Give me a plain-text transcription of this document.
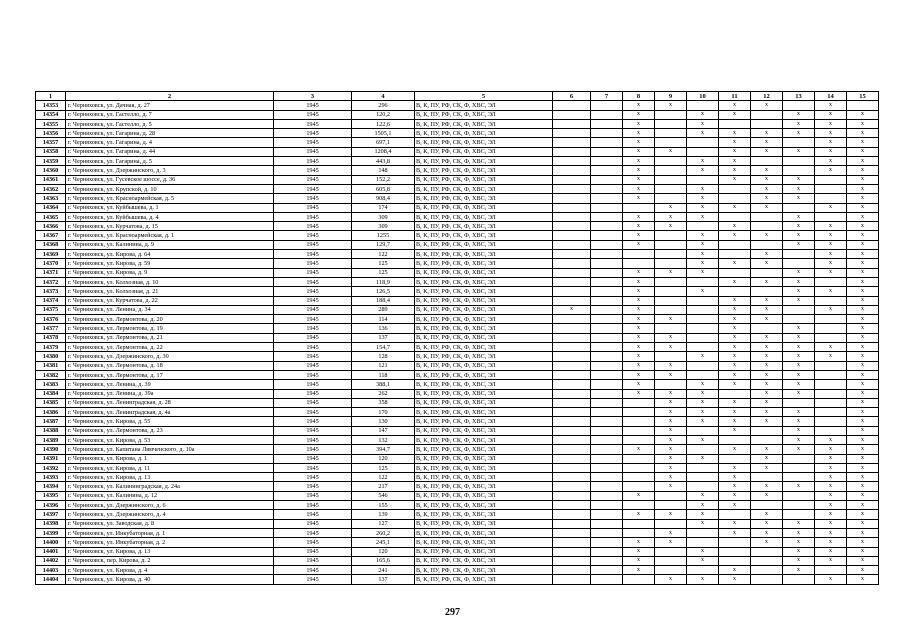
1	2	3	4	5	6	7	8	9	10	11	12	13	14	15
14353	г. Черняховск, ул. Дачная, д. 27	1945	296	В, К, ПУ, РФ, СК, Ф, ХВС, ЭЛ			x	x		x	x		x	
14354	г. Черняховск, ул. Гастелло, д. 7	1945	120,2	В, К, ПУ, РФ, СК, Ф, ХВС, ЭЛ			x		x	x		x	x	x
14355	г. Черняховск, ул. Гастелло, д. 5	1945	122,6	В, К, ПУ, РФ, СК, Ф, ХВС, ЭЛ			x		x			x	x	x
14356	г. Черняховск, ул. Гагарина, д. 28	1945	1505,1	В, К, ПУ, РФ, СК, Ф, ХВС, ЭЛ			x		x	x	x	x	x	x
14357	г. Черняховск, ул. Гагарина, д. 4	1945	697,1	В, К, ПУ, РФ, СК, Ф, ХВС, ЭЛ			x			x	x		x	x
14358	г. Черняховск, ул. Гагарина, д. 44	1945	1208,4	В, К, ПУ, РФ, СК, Ф, ХВС, ЭЛ			x	x		x	x	x	x	x
14359	г. Черняховск, ул. Гагарина, д. 5	1945	443,8	В, К, ПУ, РФ, СК, Ф, ХВС, ЭЛ			x		x	x			x	x
14360	г. Черняховск, ул. Дзержинского, д. 3	1945	148	В, К, ПУ, РФ, СК, Ф, ХВС, ЭЛ			x		x	x	x		x	x
14361	г. Черняховск, ул. Гусевское шоссе, д. 36	1945	152,2	В, К, ПУ, РФ, СК, Ф, ХВС, ЭЛ			x			x	x	x		x
14362	г. Черняховск, ул. Крупской, д. 10	1945	605,8	В, К, ПУ, РФ, СК, Ф, ХВС, ЭЛ			x		x		x	x		x
14363	г. Черняховск, ул. Красноармейская, д. 5	1945	908,4	В, К, ПУ, РФ, СК, Ф, ХВС, ЭЛ			x		x		x	x		x
14364	г. Черняховск, ул. Куйбышева, д. 1	1945	174	В, К, ПУ, РФ, СК, Ф, ХВС, ЭЛ				x	x	x	x		x	x
14365	г. Черняховск, ул. Куйбышева, д. 4	1945	309	В, К, ПУ, РФ, СК, Ф, ХВС, ЭЛ			x	x	x			x		x
14366	г. Черняховск, ул. Курчатова, д. 15	1945	309	В, К, ПУ, РФ, СК, Ф, ХВС, ЭЛ			x	x		x		x	x	x
14367	г. Черняховск, ул. Красноармейская, д. 1	1945	1255	В, К, ПУ, РФ, СК, Ф, ХВС, ЭЛ			x		x	x	x	x	x	x
14368	г. Черняховск, ул. Калинина, д. 9	1945	129,7	В, К, ПУ, РФ, СК, Ф, ХВС, ЭЛ			x		x			x	x	x
14369	г. Черняховск, ул. Кирова, д. 64	1945	122	В, К, ПУ, РФ, СК, Ф, ХВС, ЭЛ					x		x		x	x
14370	г. Черняховск, ул. Кирова, д. 59	1945	125	В, К, ПУ, РФ, СК, Ф, ХВС, ЭЛ					x	x	x		x	x
14371	г. Черняховск, ул. Кирова, д. 9	1945	125	В, К, ПУ, РФ, СК, Ф, ХВС, ЭЛ			x	x	x			x	x	x
14372	г. Черняховск, ул. Колхозная, д. 10	1945	118,9	В, К, ПУ, РФ, СК, Ф, ХВС, ЭЛ			x			x	x	x		x
14373	г. Черняховск, ул. Колхозная, д. 21	1945	126,5	В, К, ПУ, РФ, СК, Ф, ХВС, ЭЛ			x		x			x	x	x
14374	г. Черняховск, ул. Курчатова, д. 22	1945	188,4	В, К, ПУ, РФ, СК, Ф, ХВС, ЭЛ			x			x	x	x		x
14375	г. Черняховск, ул. Ленина, д. 34	1945	289	В, К, ПУ, РФ, СК, Ф, ХВС, ЭЛ	x		x			x	x		x	x
14376	г. Черняховск, ул. Лермонтова, д. 20	1945	114	В, К, ПУ, РФ, СК, Ф, ХВС, ЭЛ			x	x		x	x			x
14377	г. Черняховск, ул. Лермонтова, д. 19	1945	136	В, К, ПУ, РФ, СК, Ф, ХВС, ЭЛ			x			x		x		x
14378	г. Черняховск, ул. Лермонтова, д. 21	1945	137	В, К, ПУ, РФ, СК, Ф, ХВС, ЭЛ			x	x		x	x	x		x
14379	г. Черняховск, ул. Лермонтова, д. 22	1945	154,7	В, К, ПУ, РФ, СК, Ф, ХВС, ЭЛ			x	x		x	x	x	x	x
14380	г. Черняховск, ул. Дзержинского, д. 30	1945	128	В, К, ПУ, РФ, СК, Ф, ХВС, ЭЛ			x		x	x	x	x	x	x
14381	г. Черняховск, ул. Лермонтова, д. 18	1945	121	В, К, ПУ, РФ, СК, Ф, ХВС, ЭЛ			x	x		x	x	x		x
14382	г. Черняховск, ул. Лермонтова, д. 17	1945	118	В, К, ПУ, РФ, СК, Ф, ХВС, ЭЛ			x	x		x	x	x		x
14383	г. Черняховск, ул. Ленина, д. 39	1945	388,1	В, К, ПУ, РФ, СК, Ф, ХВС, ЭЛ			x		x	x	x	x		x
14384	г. Черняховск, ул. Ленина, д. 39а	1945	262	В, К, ПУ, РФ, СК, Ф, ХВС, ЭЛ			x	x	x		x	x		x
14385	г. Черняховск, ул. Ленинградская, д. 28	1945	358	В, К, ПУ, РФ, СК, Ф, ХВС, ЭЛ				x	x	x	x			x
14386	г. Черняховск, ул. Ленинградская, д. 4а	1945	170	В, К, ПУ, РФ, СК, Ф, ХВС, ЭЛ				x	x	x	x	x		x
14387	г. Черняховск, ул. Кирова, д. 55	1945	130	В, К, ПУ, РФ, СК, Ф, ХВС, ЭЛ				x	x	x	x	x		x
14388	г. Черняховск, ул. Лермонтова, д. 23	1945	147	В, К, ПУ, РФ, СК, Ф, ХВС, ЭЛ				x		x		x		x
14389	г. Черняховск, ул. Кирова, д. 53	1945	132	В, К, ПУ, РФ, СК, Ф, ХВС, ЭЛ				x	x			x	x	x
14390	г. Черняховск, ул. Капитана Лямченского, д. 10а	1945	394,7	В, К, ПУ, РФ, СК, Ф, ХВС, ЭЛ			x	x		x	x	x	x	x
14391	г. Черняховск, ул. Кирова, д. 1	1945	120	В, К, ПУ, РФ, СК, Ф, ХВС, ЭЛ				x	x		x		x	x
14392	г. Черняховск, ул. Кирова, д. 11	1945	125	В, К, ПУ, РФ, СК, Ф, ХВС, ЭЛ				x		x	x		x	x
14393	г. Черняховск, ул. Кирова, д. 13	1945	122	В, К, ПУ, РФ, СК, Ф, ХВС, ЭЛ				x		x			x	x
14394	г. Черняховск, ул. Калининградская, д. 24а	1945	217	В, К, ПУ, РФ, СК, Ф, ХВС, ЭЛ				x		x	x	x	x	x
14395	г. Черняховск, ул. Калинина, д. 12	1945	546	В, К, ПУ, РФ, СК, Ф, ХВС, ЭЛ			x		x	x	x		x	x
14396	г. Черняховск, ул. Дзержинского, д. 6	1945	155	В, К, ПУ, РФ, СК, Ф, ХВС, ЭЛ					x	x			x	x
14397	г. Черняховск, ул. Дзержинского, д. 4	1945	139	В, К, ПУ, РФ, СК, Ф, ХВС, ЭЛ			x	x	x		x		x	x
14398	г. Черняховск, ул. Заводская, д. 8	1945	127	В, К, ПУ, РФ, СК, Ф, ХВС, ЭЛ					x	x	x	x	x	x
14399	г. Черняховск, ул. Инкубаторная, д. 1	1945	260,2	В, К, ПУ, РФ, СК, Ф, ХВС, ЭЛ				x		x	x	x	x	x
14400	г. Черняховск, ул. Инкубаторная, д. 2	1945	245,1	В, К, ПУ, РФ, СК, Ф, ХВС, ЭЛ			x	x			x	x	x	x
14401	г. Черняховск, ул. Кирова, д. 13	1945	120	В, К, ПУ, РФ, СК, Ф, ХВС, ЭЛ			x		x			x	x	x
14402	г. Черняховск, пер. Кирова, д. 2	1945	165,6	В, К, ПУ, РФ, СК, Ф, ХВС, ЭЛ			x		x			x	x	x
14403	г. Черняховск, ул. Кирова, д. 4	1945	241	В, К, ПУ, РФ, СК, Ф, ХВС, ЭЛ			x			x		x		x
14404	г. Черняховск, ул. Кирова, д. 40	1945	137	В, К, ПУ, РФ, СК, Ф, ХВС, ЭЛ				x	x	x			x	x
297
